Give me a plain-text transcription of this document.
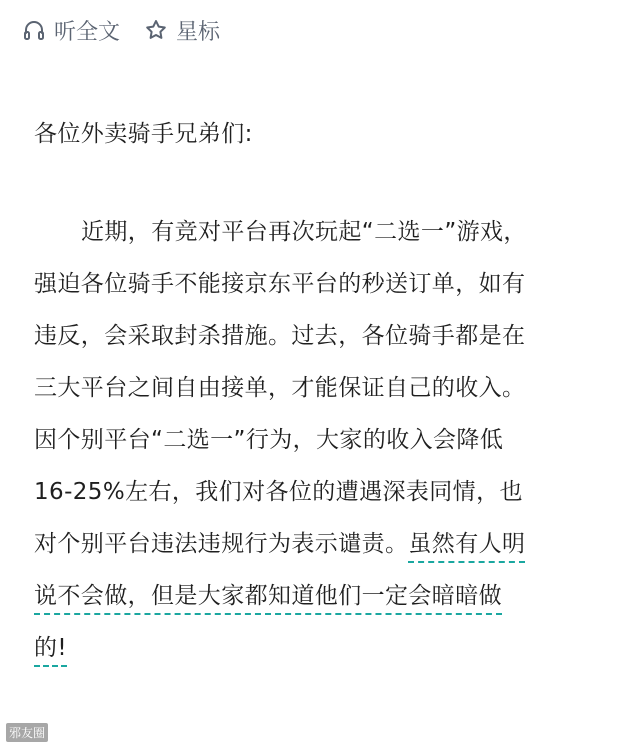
听全文	星标

各位外卖骑手兄弟们:

近期，有竞对平台再次玩起“二选一”游戏，
强迫各位骑手不能接京东平台的秒送订单，如有
违反，会采取封杀措施。过去，各位骑手都是在
三大平台之间自由接单，才能保证自己的收入。
因个别平台“二选一”行为，大家的收入会降低
16-25%左右，我们对各位的遭遇深表同情，也
对个别平台违法违规行为表示谴责。虽然有人明
说不会做，但是大家都知道他们一定会暗暗做
的!
邪友圈
